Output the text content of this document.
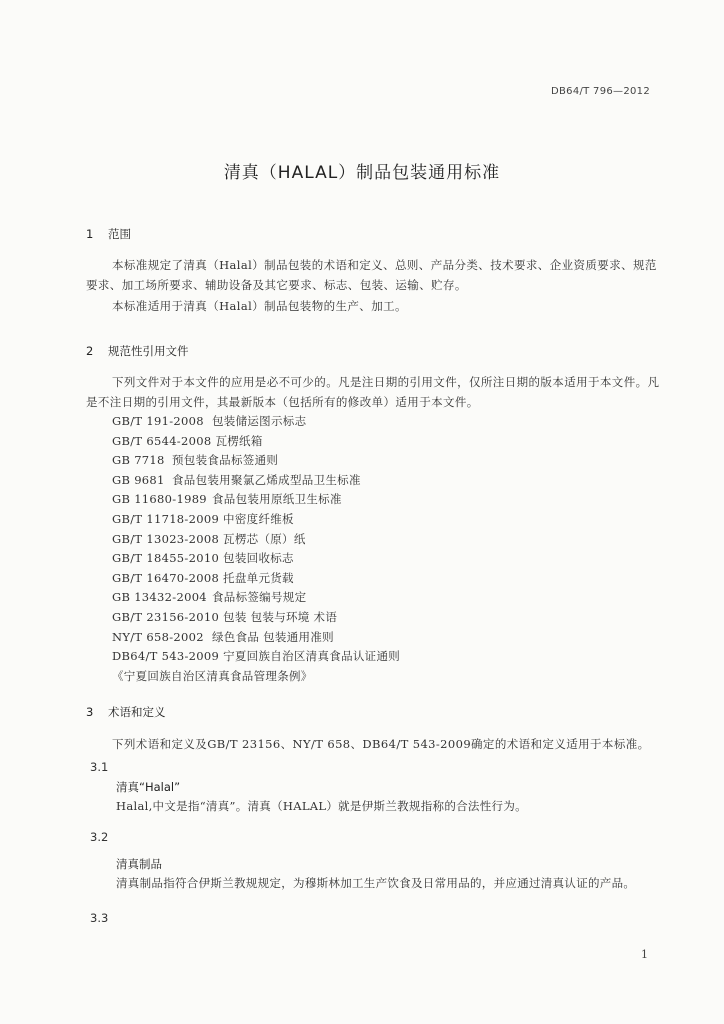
DB64/T 796—2012
清真（HALAL）制品包装通用标准
1 范围
本标准规定了清真（Halal）制品包装的术语和定义、总则、产品分类、技术要求、企业资质要求、规范要求、加工场所要求、辅助设备及其它要求、标志、包装、运输、贮存。
本标准适用于清真（Halal）制品包装物的生产、加工。
2 规范性引用文件
下列文件对于本文件的应用是必不可少的。凡是注日期的引用文件，仅所注日期的版本适用于本文件。凡是不注日期的引用文件，其最新版本（包括所有的修改单）适用于本文件。
GB/T 191-2008 包装储运图示标志
GB/T 6544-2008 瓦楞纸箱
GB 7718 预包装食品标签通则
GB 9681 食品包装用聚氯乙烯成型品卫生标准
GB 11680-1989 食品包装用原纸卫生标准
GB/T 11718-2009 中密度纤维板
GB/T 13023-2008 瓦楞芯（原）纸
GB/T 18455-2010 包装回收标志
GB/T 16470-2008 托盘单元货载
GB 13432-2004 食品标签编号规定
GB/T 23156-2010 包装 包装与环境 术语
NY/T 658-2002 绿色食品 包装通用准则
DB64/T 543-2009 宁夏回族自治区清真食品认证通则
《宁夏回族自治区清真食品管理条例》
3 术语和定义
下列术语和定义及GB/T 23156、NY/T 658、DB64/T 543-2009确定的术语和定义适用于本标准。
3.1
清真“Halal”
Halal,中文是指“清真”。清真（HALAL）就是伊斯兰教规指称的合法性行为。
3.2
清真制品
清真制品指符合伊斯兰教规规定，为穆斯林加工生产饮食及日常用品的，并应通过清真认证的产品。
3.3
1
